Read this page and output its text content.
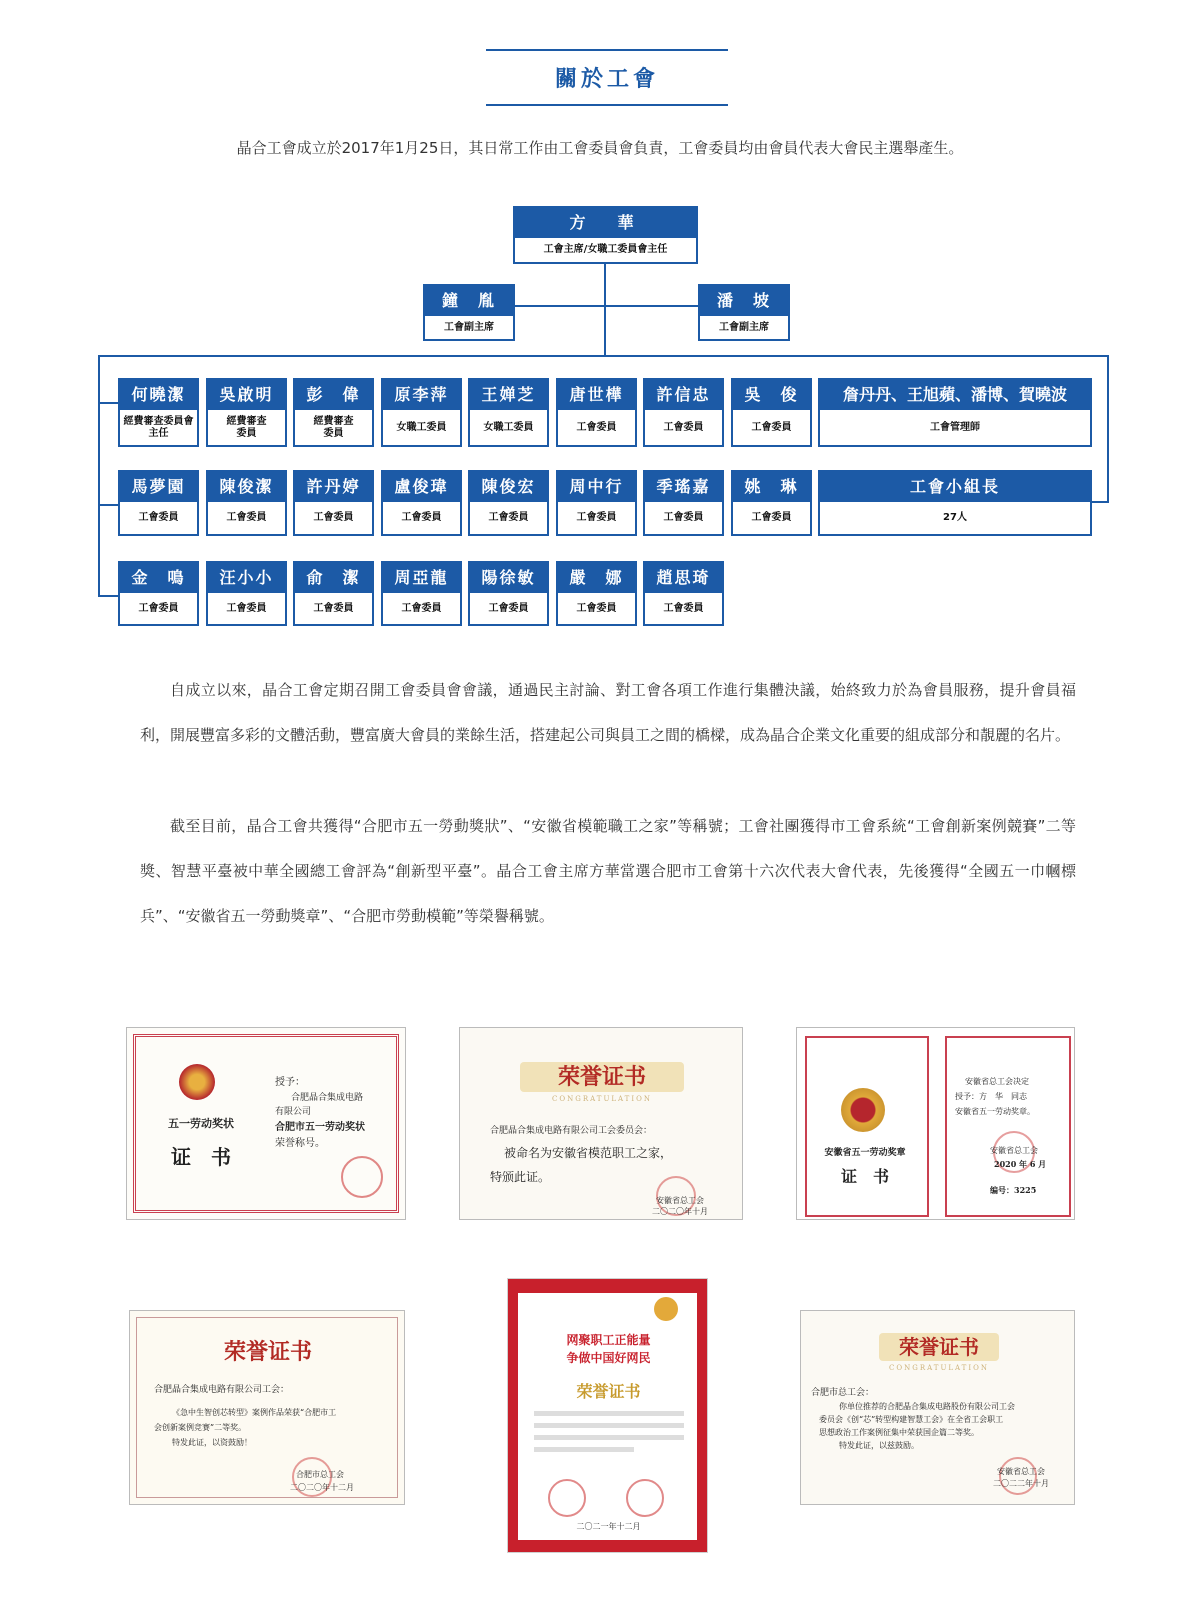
關於工會
晶合工會成立於2017年1月25日，其日常工作由工會委員會負責，工會委員均由會員代表大會民主選舉產生。
方　華
工會主席/女職工委員會主任
鐘　胤
工會副主席
潘　坡
工會副主席
何曉潔
經費審查委員會主任
吳啟明
經費審查委員
彭　偉
經費審查委員
原李萍
女職工委員
王婵芝
女職工委員
唐世樺
工會委員
許信忠
工會委員
吳　俊
工會委員
詹丹丹、王旭蘋、潘博、賀曉波
工會管理師
馬夢園
工會委員
陳俊潔
工會委員
許丹婷
工會委員
盧俊瑋
工會委員
陳俊宏
工會委員
周中行
工會委員
季瑤嘉
工會委員
姚　琳
工會委員
工會小組長
27人
金　鳴
工會委員
汪小小
工會委員
俞　潔
工會委員
周亞龍
工會委員
陽徐敏
工會委員
嚴　娜
工會委員
趙思琦
工會委員

自成立以來，晶合工會定期召開工會委員會會議，通過民主討論、對工會各項工作進行集體決議，始終致力於為會員服務，提升會員福利，開展豐富多彩的文體活動，豐富廣大會員的業餘生活，搭建起公司與員工之間的橋樑，成為晶合企業文化重要的組成部分和靚麗的名片。

截至目前，晶合工會共獲得“合肥市五一勞動獎狀”、“安徽省模範職工之家”等稱號；工會社團獲得市工會系統“工會創新案例競賽”二等獎、智慧平臺被中華全國總工會評為“創新型平臺”。晶合工會主席方華當選合肥市工會第十六次代表大會代表，先後獲得“全國五一巾幗標兵”、“安徽省五一勞動獎章”、“合肥市勞動模範”等榮譽稱號。

五一劳动奖状
证　书
授予：
合肥晶合集成电路
有限公司
合肥市五一劳动奖状
荣誉称号。
荣誉证书
CONGRATULATION
合肥晶合集成电路有限公司工会委员会：
被命名为安徽省模范职工之家，
特颁此证。
安徽省总工会
二〇二〇年十月
安徽省五一劳动奖章
证　书
安徽省总工会决定
授予：方　华　同志
安徽省五一劳动奖章。
安徽省总工会
2020 年 6 月
编号：3225
荣誉证书
合肥晶合集成电路有限公司工会：
《急中生智创芯转型》案例作品荣获“合肥市工
会创新案例竞赛”二等奖。
特发此证，以资鼓励！
合肥市总工会
二〇二〇年十二月
网聚职工正能量
争做中国好网民
荣誉证书
二〇二一年十二月
荣誉证书
CONGRATULATION
合肥市总工会：
你单位推荐的合肥晶合集成电路股份有限公司工会
委员会《创“芯”转型构建智慧工会》在全省工会职工
思想政治工作案例征集中荣获国企篇二等奖。
特发此证，以兹鼓励。
安徽省总工会
二〇二二年十月
